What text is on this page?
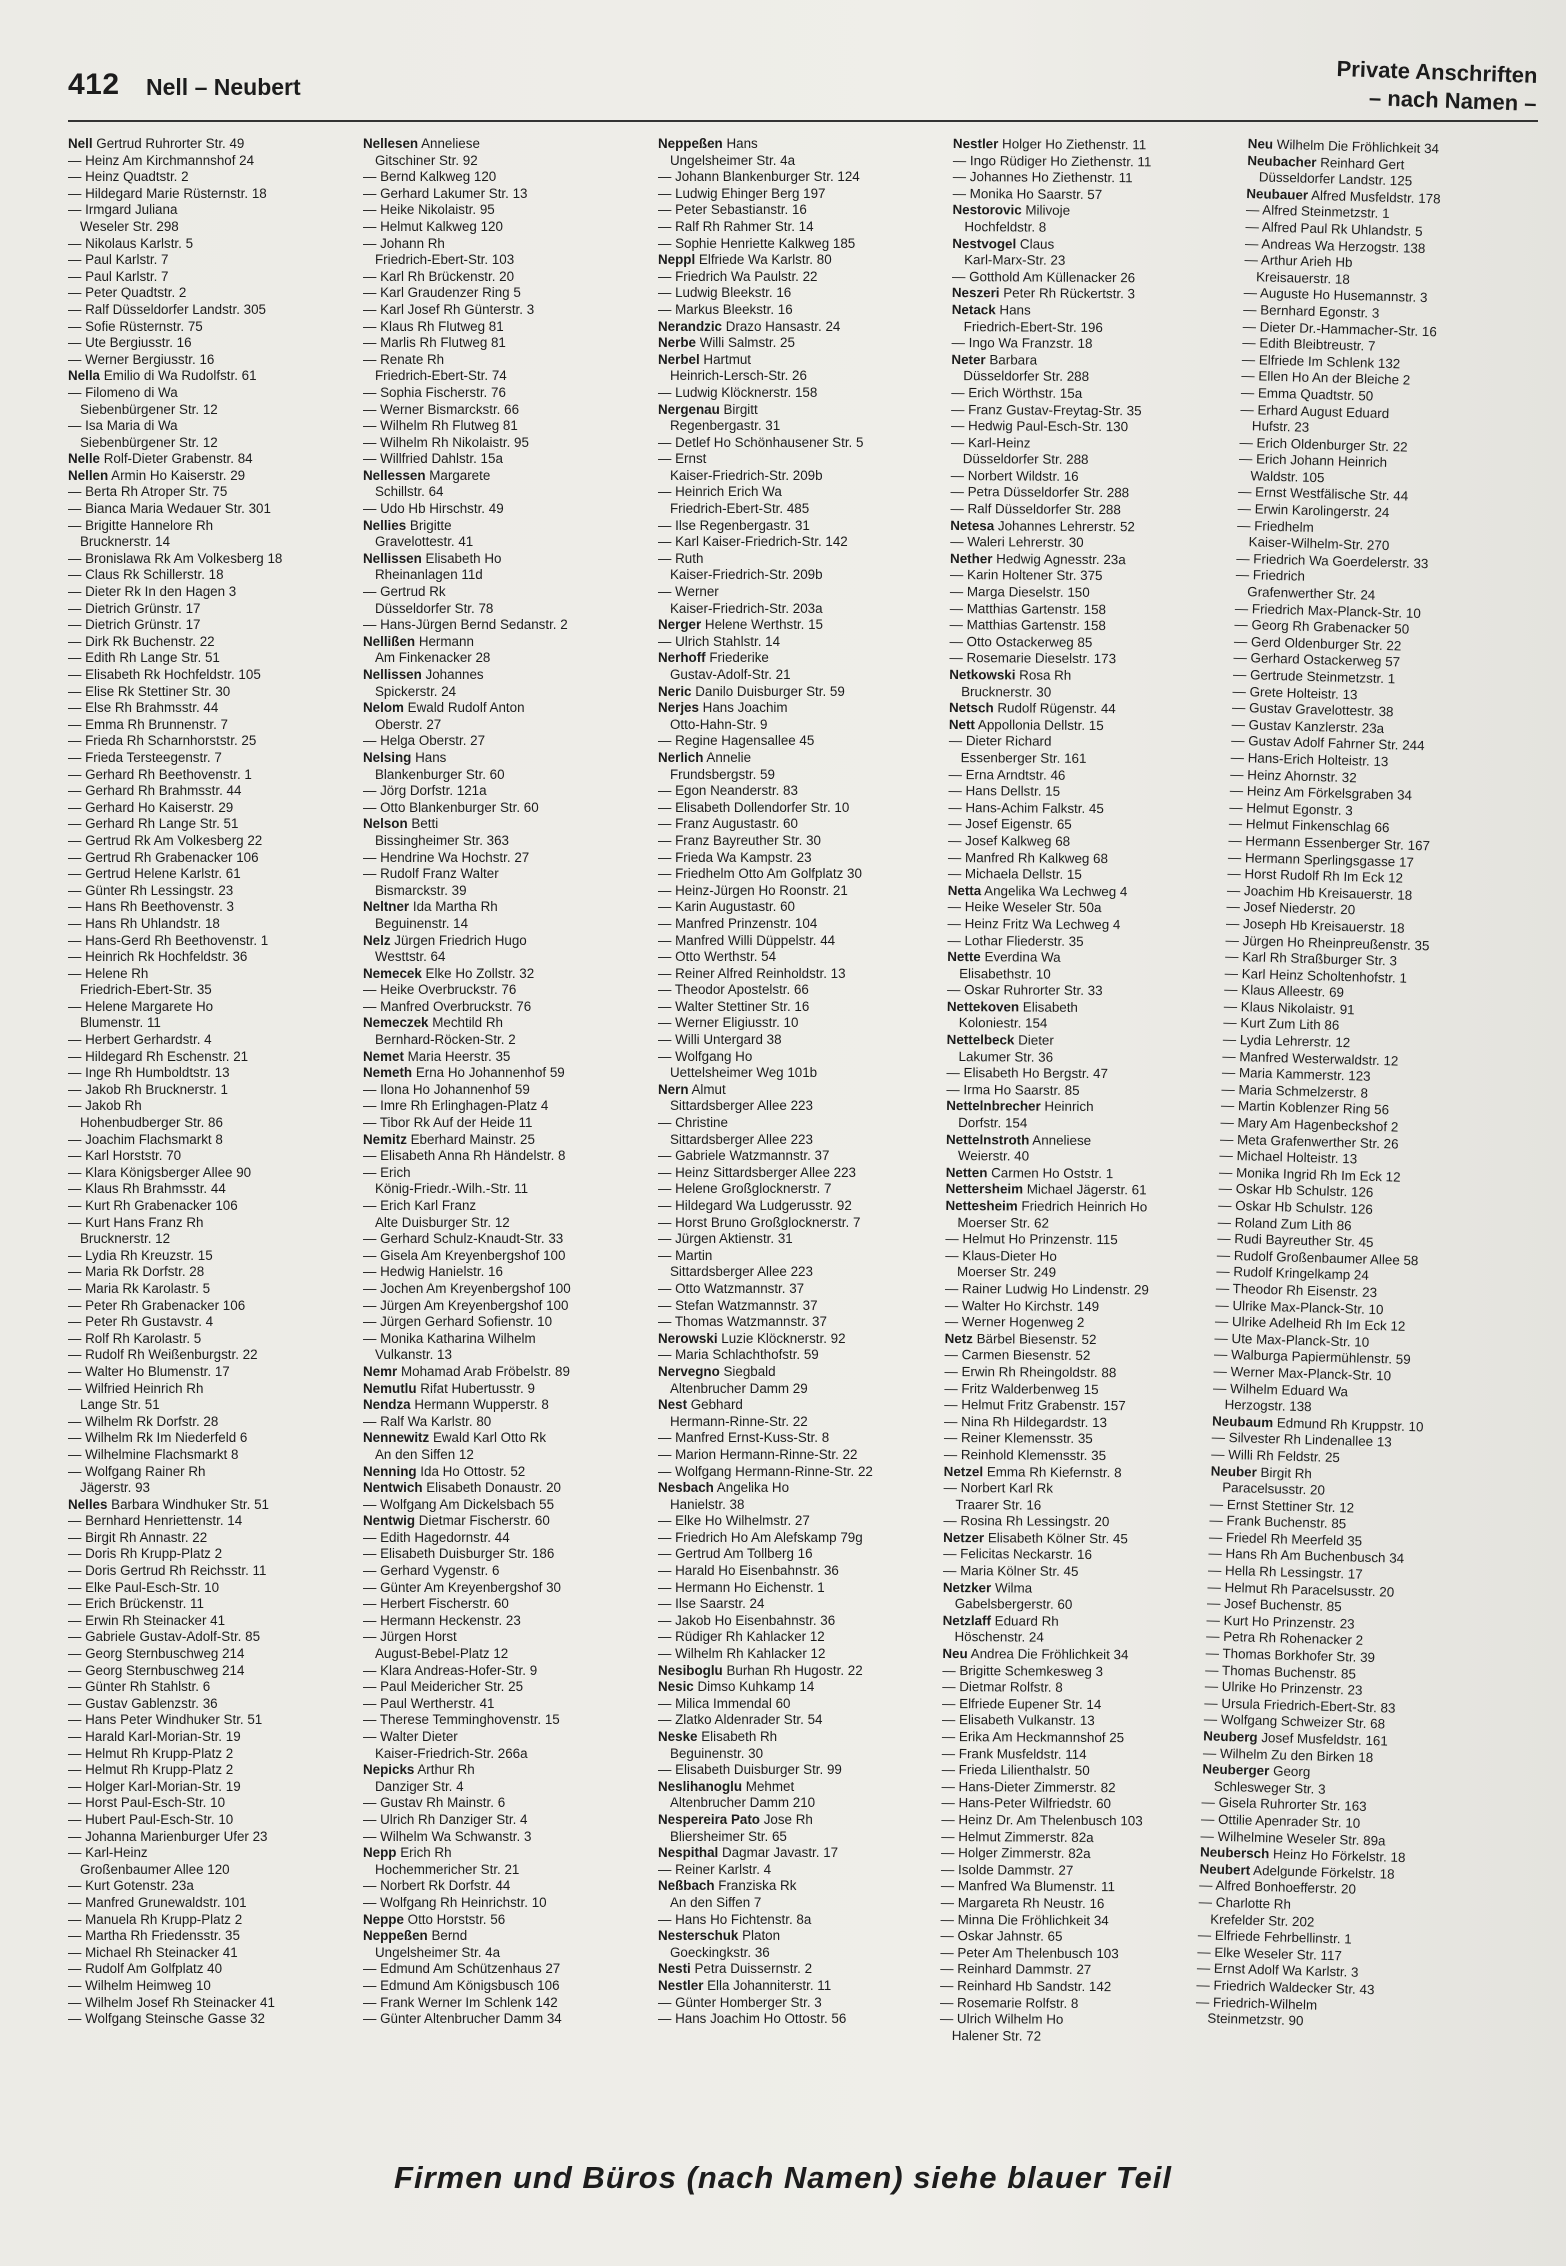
412 Nell – Neubert	Private Anschriften
– nach Namen –
Nell Gertrud Ruhrorter Str. 49
— Heinz Am Kirchmannshof 24
— Heinz Quadtstr. 2
— Hildegard Marie Rüsternstr. 18
— Irmgard Juliana
Weseler Str. 298
— Nikolaus Karlstr. 5
— Paul Karlstr. 7
— Paul Karlstr. 7
— Peter Quadtstr. 2
— Ralf Düsseldorfer Landstr. 305
— Sofie Rüsternstr. 75
— Ute Bergiusstr. 16
— Werner Bergiusstr. 16
Nella Emilio di Wa Rudolfstr. 61
— Filomeno di Wa
Siebenbürgener Str. 12
— Isa Maria di Wa
Siebenbürgener Str. 12
Nelle Rolf-Dieter Grabenstr. 84
Nellen Armin Ho Kaiserstr. 29
— Berta Rh Atroper Str. 75
— Bianca Maria Wedauer Str. 301
— Brigitte Hannelore Rh
Brucknerstr. 14
— Bronislawa Rk Am Volkesberg 18
— Claus Rk Schillerstr. 18
— Dieter Rk In den Hagen 3
— Dietrich Grünstr. 17
— Dietrich Grünstr. 17
— Dirk Rk Buchenstr. 22
— Edith Rh Lange Str. 51
— Elisabeth Rk Hochfeldstr. 105
— Elise Rk Stettiner Str. 30
— Else Rh Brahmsstr. 44
— Emma Rh Brunnenstr. 7
— Frieda Rh Scharnhorststr. 25
— Frieda Tersteegenstr. 7
— Gerhard Rh Beethovenstr. 1
— Gerhard Rh Brahmsstr. 44
— Gerhard Ho Kaiserstr. 29
— Gerhard Rh Lange Str. 51
— Gertrud Rk Am Volkesberg 22
— Gertrud Rh Grabenacker 106
— Gertrud Helene Karlstr. 61
— Günter Rh Lessingstr. 23
— Hans Rh Beethovenstr. 3
— Hans Rh Uhlandstr. 18
— Hans-Gerd Rh Beethovenstr. 1
— Heinrich Rk Hochfeldstr. 36
— Helene Rh
Friedrich-Ebert-Str. 35
— Helene Margarete Ho
Blumenstr. 11
— Herbert Gerhardstr. 4
— Hildegard Rh Eschenstr. 21
— Inge Rh Humboldtstr. 13
— Jakob Rh Brucknerstr. 1
— Jakob Rh
Hohenbudberger Str. 86
— Joachim Flachsmarkt 8
— Karl Horststr. 70
— Klara Königsberger Allee 90
— Klaus Rh Brahmsstr. 44
— Kurt Rh Grabenacker 106
— Kurt Hans Franz Rh
Brucknerstr. 12
— Lydia Rh Kreuzstr. 15
— Maria Rk Dorfstr. 28
— Maria Rk Karolastr. 5
— Peter Rh Grabenacker 106
— Peter Rh Gustavstr. 4
— Rolf Rh Karolastr. 5
— Rudolf Rh Weißenburgstr. 22
— Walter Ho Blumenstr. 17
— Wilfried Heinrich Rh
Lange Str. 51
— Wilhelm Rk Dorfstr. 28
— Wilhelm Rk Im Niederfeld 6
— Wilhelmine Flachsmarkt 8
— Wolfgang Rainer Rh
Jägerstr. 93
Nelles Barbara Windhuker Str. 51
— Bernhard Henriettenstr. 14
— Birgit Rh Annastr. 22
— Doris Rh Krupp-Platz 2
— Doris Gertrud Rh Reichsstr. 11
— Elke Paul-Esch-Str. 10
— Erich Brückenstr. 11
— Erwin Rh Steinacker 41
— Gabriele Gustav-Adolf-Str. 85
— Georg Sternbuschweg 214
— Georg Sternbuschweg 214
— Günter Rh Stahlstr. 6
— Gustav Gablenzstr. 36
— Hans Peter Windhuker Str. 51
— Harald Karl-Morian-Str. 19
— Helmut Rh Krupp-Platz 2
— Helmut Rh Krupp-Platz 2
— Holger Karl-Morian-Str. 19
— Horst Paul-Esch-Str. 10
— Hubert Paul-Esch-Str. 10
— Johanna Marienburger Ufer 23
— Karl-Heinz
Großenbaumer Allee 120
— Kurt Gotenstr. 23a
— Manfred Grunewaldstr. 101
— Manuela Rh Krupp-Platz 2
— Martha Rh Friedensstr. 35
— Michael Rh Steinacker 41
— Rudolf Am Golfplatz 40
— Wilhelm Heimweg 10
— Wilhelm Josef Rh Steinacker 41
— Wolfgang Steinsche Gasse 32
Nellesen Anneliese
Gitschiner Str. 92
— Bernd Kalkweg 120
— Gerhard Lakumer Str. 13
— Heike Nikolaistr. 95
— Helmut Kalkweg 120
— Johann Rh
Friedrich-Ebert-Str. 103
— Karl Rh Brückenstr. 20
— Karl Graudenzer Ring 5
— Karl Josef Rh Günterstr. 3
— Klaus Rh Flutweg 81
— Marlis Rh Flutweg 81
— Renate Rh
Friedrich-Ebert-Str. 74
— Sophia Fischerstr. 76
— Werner Bismarckstr. 66
— Wilhelm Rh Flutweg 81
— Wilhelm Rh Nikolaistr. 95
— Willfried Dahlstr. 15a
Nellessen Margarete
Schillstr. 64
— Udo Hb Hirschstr. 49
Nellies Brigitte
Gravelottestr. 41
Nellissen Elisabeth Ho
Rheinanlagen 11d
— Gertrud Rk
Düsseldorfer Str. 78
— Hans-Jürgen Bernd Sedanstr. 2
Nellißen Hermann
Am Finkenacker 28
Nellissen Johannes
Spickerstr. 24
Nelom Ewald Rudolf Anton
Oberstr. 27
— Helga Oberstr. 27
Nelsing Hans
Blankenburger Str. 60
— Jörg Dorfstr. 121a
— Otto Blankenburger Str. 60
Nelson Betti
Bissingheimer Str. 363
— Hendrine Wa Hochstr. 27
— Rudolf Franz Walter
Bismarckstr. 39
Neltner Ida Martha Rh
Beguinenstr. 14
Nelz Jürgen Friedrich Hugo
Westtstr. 64
Nemecek Elke Ho Zollstr. 32
— Heike Overbruckstr. 76
— Manfred Overbruckstr. 76
Nemeczek Mechtild Rh
Bernhard-Röcken-Str. 2
Nemet Maria Heerstr. 35
Nemeth Erna Ho Johannenhof 59
— Ilona Ho Johannenhof 59
— Imre Rh Erlinghagen-Platz 4
— Tibor Rk Auf der Heide 11
Nemitz Eberhard Mainstr. 25
— Elisabeth Anna Rh Händelstr. 8
— Erich
König-Friedr.-Wilh.-Str. 11
— Erich Karl Franz
Alte Duisburger Str. 12
— Gerhard Schulz-Knaudt-Str. 33
— Gisela Am Kreyenbergshof 100
— Hedwig Hanielstr. 16
— Jochen Am Kreyenbergshof 100
— Jürgen Am Kreyenbergshof 100
— Jürgen Gerhard Sofienstr. 10
— Monika Katharina Wilhelm
Vulkanstr. 13
Nemr Mohamad Arab Fröbelstr. 89
Nemutlu Rifat Hubertusstr. 9
Nendza Hermann Wupperstr. 8
— Ralf Wa Karlstr. 80
Nennewitz Ewald Karl Otto Rk
An den Siffen 12
Nenning Ida Ho Ottostr. 52
Nentwich Elisabeth Donaustr. 20
— Wolfgang Am Dickelsbach 55
Nentwig Dietmar Fischerstr. 60
— Edith Hagedornstr. 44
— Elisabeth Duisburger Str. 186
— Gerhard Vygenstr. 6
— Günter Am Kreyenbergshof 30
— Herbert Fischerstr. 60
— Hermann Heckenstr. 23
— Jürgen Horst
August-Bebel-Platz 12
— Klara Andreas-Hofer-Str. 9
— Paul Meidericher Str. 25
— Paul Wertherstr. 41
— Therese Temminghovenstr. 15
— Walter Dieter
Kaiser-Friedrich-Str. 266a
Nepicks Arthur Rh
Danziger Str. 4
— Gustav Rh Mainstr. 6
— Ulrich Rh Danziger Str. 4
— Wilhelm Wa Schwanstr. 3
Nepp Erich Rh
Hochemmericher Str. 21
— Norbert Rk Dorfstr. 44
— Wolfgang Rh Heinrichstr. 10
Neppe Otto Horststr. 56
Neppeßen Bernd
Ungelsheimer Str. 4a
— Edmund Am Schützenhaus 27
— Edmund Am Königsbusch 106
— Frank Werner Im Schlenk 142
— Günter Altenbrucher Damm 34
Neppeßen Hans
Ungelsheimer Str. 4a
— Johann Blankenburger Str. 124
— Ludwig Ehinger Berg 197
— Peter Sebastianstr. 16
— Ralf Rh Rahmer Str. 14
— Sophie Henriette Kalkweg 185
Neppl Elfriede Wa Karlstr. 80
— Friedrich Wa Paulstr. 22
— Ludwig Bleekstr. 16
— Markus Bleekstr. 16
Nerandzic Drazo Hansastr. 24
Nerbe Willi Salmstr. 25
Nerbel Hartmut
Heinrich-Lersch-Str. 26
— Ludwig Klöcknerstr. 158
Nergenau Birgitt
Regenbergastr. 31
— Detlef Ho Schönhausener Str. 5
— Ernst
Kaiser-Friedrich-Str. 209b
— Heinrich Erich Wa
Friedrich-Ebert-Str. 485
— Ilse Regenbergastr. 31
— Karl Kaiser-Friedrich-Str. 142
— Ruth
Kaiser-Friedrich-Str. 209b
— Werner
Kaiser-Friedrich-Str. 203a
Nerger Helene Werthstr. 15
— Ulrich Stahlstr. 14
Nerhoff Friederike
Gustav-Adolf-Str. 21
Neric Danilo Duisburger Str. 59
Nerjes Hans Joachim
Otto-Hahn-Str. 9
— Regine Hagensallee 45
Nerlich Annelie
Frundsbergstr. 59
— Egon Neanderstr. 83
— Elisabeth Dollendorfer Str. 10
— Franz Augustastr. 60
— Franz Bayreuther Str. 30
— Frieda Wa Kampstr. 23
— Friedhelm Otto Am Golfplatz 30
— Heinz-Jürgen Ho Roonstr. 21
— Karin Augustastr. 60
— Manfred Prinzenstr. 104
— Manfred Willi Düppelstr. 44
— Otto Werthstr. 54
— Reiner Alfred Reinholdstr. 13
— Theodor Apostelstr. 66
— Walter Stettiner Str. 16
— Werner Eligiusstr. 10
— Willi Untergard 38
— Wolfgang Ho
Uettelsheimer Weg 101b
Nern Almut
Sittardsberger Allee 223
— Christine
Sittardsberger Allee 223
— Gabriele Watzmannstr. 37
— Heinz Sittardsberger Allee 223
— Helene Großglocknerstr. 7
— Hildegard Wa Ludgerusstr. 92
— Horst Bruno Großglocknerstr. 7
— Jürgen Aktienstr. 31
— Martin
Sittardsberger Allee 223
— Otto Watzmannstr. 37
— Stefan Watzmannstr. 37
— Thomas Watzmannstr. 37
Nerowski Luzie Klöcknerstr. 92
— Maria Schlachthofstr. 59
Nervegno Siegbald
Altenbrucher Damm 29
Nest Gebhard
Hermann-Rinne-Str. 22
— Manfred Ernst-Kuss-Str. 8
— Marion Hermann-Rinne-Str. 22
— Wolfgang Hermann-Rinne-Str. 22
Nesbach Angelika Ho
Hanielstr. 38
— Elke Ho Wilhelmstr. 27
— Friedrich Ho Am Alefskamp 79g
— Gertrud Am Tollberg 16
— Harald Ho Eisenbahnstr. 36
— Hermann Ho Eichenstr. 1
— Ilse Saarstr. 24
— Jakob Ho Eisenbahnstr. 36
— Rüdiger Rh Kahlacker 12
— Wilhelm Rh Kahlacker 12
Nesiboglu Burhan Rh Hugostr. 22
Nesic Dimso Kuhkamp 14
— Milica Immendal 60
— Zlatko Aldenrader Str. 54
Neske Elisabeth Rh
Beguinenstr. 30
— Elisabeth Duisburger Str. 99
Neslihanoglu Mehmet
Altenbrucher Damm 210
Nespereira Pato Jose Rh
Bliersheimer Str. 65
Nespithal Dagmar Javastr. 17
— Reiner Karlstr. 4
Neßbach Franziska Rk
An den Siffen 7
— Hans Ho Fichtenstr. 8a
Nesterschuk Platon
Goeckingkstr. 36
Nesti Petra Duissernstr. 2
Nestler Ella Johanniterstr. 11
— Günter Homberger Str. 3
— Hans Joachim Ho Ottostr. 56
Nestler Holger Ho Ziethenstr. 11
— Ingo Rüdiger Ho Ziethenstr. 11
— Johannes Ho Ziethenstr. 11
— Monika Ho Saarstr. 57
Nestorovic Milivoje
Hochfeldstr. 8
Nestvogel Claus
Karl-Marx-Str. 23
— Gotthold Am Küllenacker 26
Neszeri Peter Rh Rückertstr. 3
Netack Hans
Friedrich-Ebert-Str. 196
— Ingo Wa Franzstr. 18
Neter Barbara
Düsseldorfer Str. 288
— Erich Wörthstr. 15a
— Franz Gustav-Freytag-Str. 35
— Hedwig Paul-Esch-Str. 130
— Karl-Heinz
Düsseldorfer Str. 288
— Norbert Wildstr. 16
— Petra Düsseldorfer Str. 288
— Ralf Düsseldorfer Str. 288
Netesa Johannes Lehrerstr. 52
— Waleri Lehrerstr. 30
Nether Hedwig Agnesstr. 23a
— Karin Holtener Str. 375
— Marga Dieselstr. 150
— Matthias Gartenstr. 158
— Matthias Gartenstr. 158
— Otto Ostackerweg 85
— Rosemarie Dieselstr. 173
Netkowski Rosa Rh
Brucknerstr. 30
Netsch Rudolf Rügenstr. 44
Nett Appollonia Dellstr. 15
— Dieter Richard
Essenberger Str. 161
— Erna Arndtstr. 46
— Hans Dellstr. 15
— Hans-Achim Falkstr. 45
— Josef Eigenstr. 65
— Josef Kalkweg 68
— Manfred Rh Kalkweg 68
— Michaela Dellstr. 15
Netta Angelika Wa Lechweg 4
— Heike Weseler Str. 50a
— Heinz Fritz Wa Lechweg 4
— Lothar Fliederstr. 35
Nette Everdina Wa
Elisabethstr. 10
— Oskar Ruhrorter Str. 33
Nettekoven Elisabeth
Koloniestr. 154
Nettelbeck Dieter
Lakumer Str. 36
— Elisabeth Ho Bergstr. 47
— Irma Ho Saarstr. 85
Nettelnbrecher Heinrich
Dorfstr. 154
Nettelnstroth Anneliese
Weierstr. 40
Netten Carmen Ho Oststr. 1
Nettersheim Michael Jägerstr. 61
Nettesheim Friedrich Heinrich Ho
Moerser Str. 62
— Helmut Ho Prinzenstr. 115
— Klaus-Dieter Ho
Moerser Str. 249
— Rainer Ludwig Ho Lindenstr. 29
— Walter Ho Kirchstr. 149
— Werner Hogenweg 2
Netz Bärbel Biesenstr. 52
— Carmen Biesenstr. 52
— Erwin Rh Rheingoldstr. 88
— Fritz Walderbenweg 15
— Helmut Fritz Grabenstr. 157
— Nina Rh Hildegardstr. 13
— Reiner Klemensstr. 35
— Reinhold Klemensstr. 35
Netzel Emma Rh Kiefernstr. 8
— Norbert Karl Rk
Traarer Str. 16
— Rosina Rh Lessingstr. 20
Netzer Elisabeth Kölner Str. 45
— Felicitas Neckarstr. 16
— Maria Kölner Str. 45
Netzker Wilma
Gabelsbergerstr. 60
Netzlaff Eduard Rh
Höschenstr. 24
Neu Andrea Die Fröhlichkeit 34
— Brigitte Schemkesweg 3
— Dietmar Rolfstr. 8
— Elfriede Eupener Str. 14
— Elisabeth Vulkanstr. 13
— Erika Am Heckmannshof 25
— Frank Musfeldstr. 114
— Frieda Lilienthalstr. 50
— Hans-Dieter Zimmerstr. 82
— Hans-Peter Wilfriedstr. 60
— Heinz Dr. Am Thelenbusch 103
— Helmut Zimmerstr. 82a
— Holger Zimmerstr. 82a
— Isolde Dammstr. 27
— Manfred Wa Blumenstr. 11
— Margareta Rh Neustr. 16
— Minna Die Fröhlichkeit 34
— Oskar Jahnstr. 65
— Peter Am Thelenbusch 103
— Reinhard Dammstr. 27
— Reinhard Hb Sandstr. 142
— Rosemarie Rolfstr. 8
— Ulrich Wilhelm Ho
Halener Str. 72
Neu Wilhelm Die Fröhlichkeit 34
Neubacher Reinhard Gert
Düsseldorfer Landstr. 125
Neubauer Alfred Musfeldstr. 178
— Alfred Steinmetzstr. 1
— Alfred Paul Rk Uhlandstr. 5
— Andreas Wa Herzogstr. 138
— Arthur Arieh Hb
Kreisauerstr. 18
— Auguste Ho Husemannstr. 3
— Bernhard Egonstr. 3
— Dieter Dr.-Hammacher-Str. 16
— Edith Bleibtreustr. 7
— Elfriede Im Schlenk 132
— Ellen Ho An der Bleiche 2
— Emma Quadtstr. 50
— Erhard August Eduard
Hufstr. 23
— Erich Oldenburger Str. 22
— Erich Johann Heinrich
Waldstr. 105
— Ernst Westfälische Str. 44
— Erwin Karolingerstr. 24
— Friedhelm
Kaiser-Wilhelm-Str. 270
— Friedrich Wa Goerdelerstr. 33
— Friedrich
Grafenwerther Str. 24
— Friedrich Max-Planck-Str. 10
— Georg Rh Grabenacker 50
— Gerd Oldenburger Str. 22
— Gerhard Ostackerweg 57
— Gertrude Steinmetzstr. 1
— Grete Holteistr. 13
— Gustav Gravelottestr. 38
— Gustav Kanzlerstr. 23a
— Gustav Adolf Fahrner Str. 244
— Hans-Erich Holteistr. 13
— Heinz Ahornstr. 32
— Heinz Am Förkelsgraben 34
— Helmut Egonstr. 3
— Helmut Finkenschlag 66
— Hermann Essenberger Str. 167
— Hermann Sperlingsgasse 17
— Horst Rudolf Rh Im Eck 12
— Joachim Hb Kreisauerstr. 18
— Josef Niederstr. 20
— Joseph Hb Kreisauerstr. 18
— Jürgen Ho Rheinpreußenstr. 35
— Karl Rh Straßburger Str. 3
— Karl Heinz Scholtenhofstr. 1
— Klaus Alleestr. 69
— Klaus Nikolaistr. 91
— Kurt Zum Lith 86
— Lydia Lehrerstr. 12
— Manfred Westerwaldstr. 12
— Maria Kammerstr. 123
— Maria Schmelzerstr. 8
— Martin Koblenzer Ring 56
— Mary Am Hagenbeckshof 2
— Meta Grafenwerther Str. 26
— Michael Holteistr. 13
— Monika Ingrid Rh Im Eck 12
— Oskar Hb Schulstr. 126
— Oskar Hb Schulstr. 126
— Roland Zum Lith 86
— Rudi Bayreuther Str. 45
— Rudolf Großenbaumer Allee 58
— Rudolf Kringelkamp 24
— Theodor Rh Eisenstr. 23
— Ulrike Max-Planck-Str. 10
— Ulrike Adelheid Rh Im Eck 12
— Ute Max-Planck-Str. 10
— Walburga Papiermühlenstr. 59
— Werner Max-Planck-Str. 10
— Wilhelm Eduard Wa
Herzogstr. 138
Neubaum Edmund Rh Kruppstr. 10
— Silvester Rh Lindenallee 13
— Willi Rh Feldstr. 25
Neuber Birgit Rh
Paracelsusstr. 20
— Ernst Stettiner Str. 12
— Frank Buchenstr. 85
— Friedel Rh Meerfeld 35
— Hans Rh Am Buchenbusch 34
— Hella Rh Lessingstr. 17
— Helmut Rh Paracelsusstr. 20
— Josef Buchenstr. 85
— Kurt Ho Prinzenstr. 23
— Petra Rh Rohenacker 2
— Thomas Borkhofer Str. 39
— Thomas Buchenstr. 85
— Ulrike Ho Prinzenstr. 23
— Ursula Friedrich-Ebert-Str. 83
— Wolfgang Schweizer Str. 68
Neuberg Josef Musfeldstr. 161
— Wilhelm Zu den Birken 18
Neuberger Georg
Schlesweger Str. 3
— Gisela Ruhrorter Str. 163
— Ottilie Apenrader Str. 10
— Wilhelmine Weseler Str. 89a
Neubersch Heinz Ho Förkelstr. 18
Neubert Adelgunde Förkelstr. 18
— Alfred Bonhoefferstr. 20
— Charlotte Rh
Krefelder Str. 202
— Elfriede Fehrbellinstr. 1
— Elke Weseler Str. 117
— Ernst Adolf Wa Karlstr. 3
— Friedrich Waldecker Str. 43
— Friedrich-Wilhelm
Steinmetzstr. 90
Firmen und Büros (nach Namen) siehe blauer Teil
